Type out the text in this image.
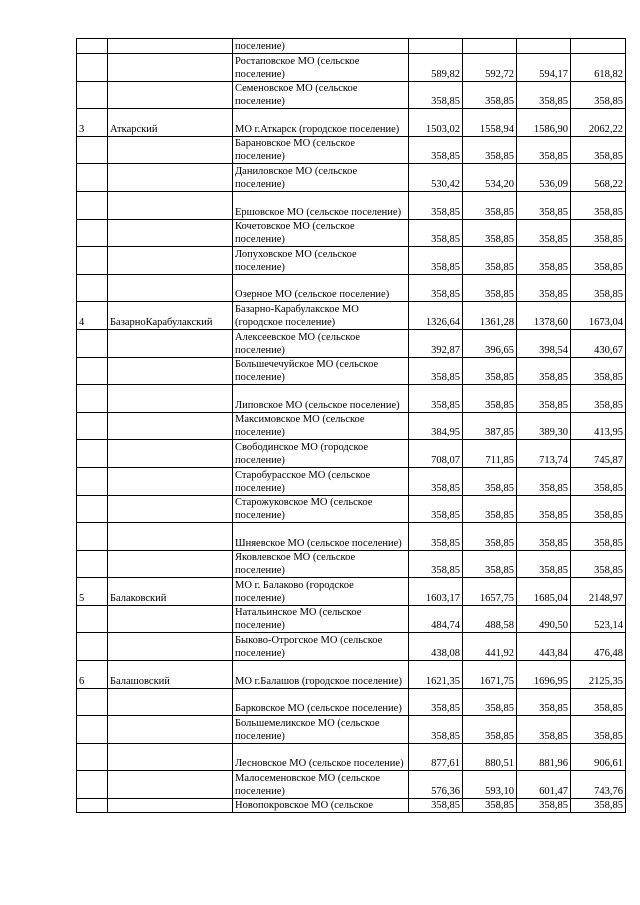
		поселение)				

		Ростаповское МО (сельское поселение)	589,82	592,72	594,17	618,82

		Семеновское МО (сельское поселение)	358,85	358,85	358,85	358,85
3	Аткарский	МО г.Аткарск (городское поселение)	1503,02	1558,94	1586,90	2062,22

		Барановское МО (сельское поселение)	358,85	358,85	358,85	358,85

		Даниловское МО (сельское поселение)	530,42	534,20	536,09	568,22

		Ершовское МО (сельское поселение)	358,85	358,85	358,85	358,85

		Кочетовское МО (сельское поселение)	358,85	358,85	358,85	358,85

		Лопуховское МО (сельское поселение)	358,85	358,85	358,85	358,85

		Озерное МО (сельское поселение)	358,85	358,85	358,85	358,85
4	БазарноКарабулакский	Базарно-Карабулакское МО (городское поселение)	1326,64	1361,28	1378,60	1673,04

		Алексеевское МО (сельское поселение)	392,87	396,65	398,54	430,67

		Большечечуйское МО (сельское поселение)	358,85	358,85	358,85	358,85

		Липовское МО (сельское поселение)	358,85	358,85	358,85	358,85

		Максимовское МО (сельское поселение)	384,95	387,85	389,30	413,95

		Свободинское МО (городское поселение)	708,07	711,85	713,74	745,87

		Старобурасское МО (сельское поселение)	358,85	358,85	358,85	358,85

		Старожуковское МО (сельское поселение)	358,85	358,85	358,85	358,85

		Шняевское МО (сельское поселение)	358,85	358,85	358,85	358,85

		Яковлевское МО (сельское поселение)	358,85	358,85	358,85	358,85
5	Балаковский	МО г. Балаково (городское поселение)	1603,17	1657,75	1685,04	2148,97

		Натальинское МО (сельское поселение)	484,74	488,58	490,50	523,14

		Быково-Отрогское МО (сельское поселение)	438,08	441,92	443,84	476,48
6	Балашовский	МО г.Балашов (городское поселение)	1621,35	1671,75	1696,95	2125,35

		Барковское МО (сельское поселение)	358,85	358,85	358,85	358,85

		Большемеликское МО (сельское поселение)	358,85	358,85	358,85	358,85

		Лесновское МО (сельское поселение)	877,61	880,51	881,96	906,61

		Малосеменовское МО (сельское поселение)	576,36	593,10	601,47	743,76

		Новопокровское МО (сельское	358,85	358,85	358,85	358,85
